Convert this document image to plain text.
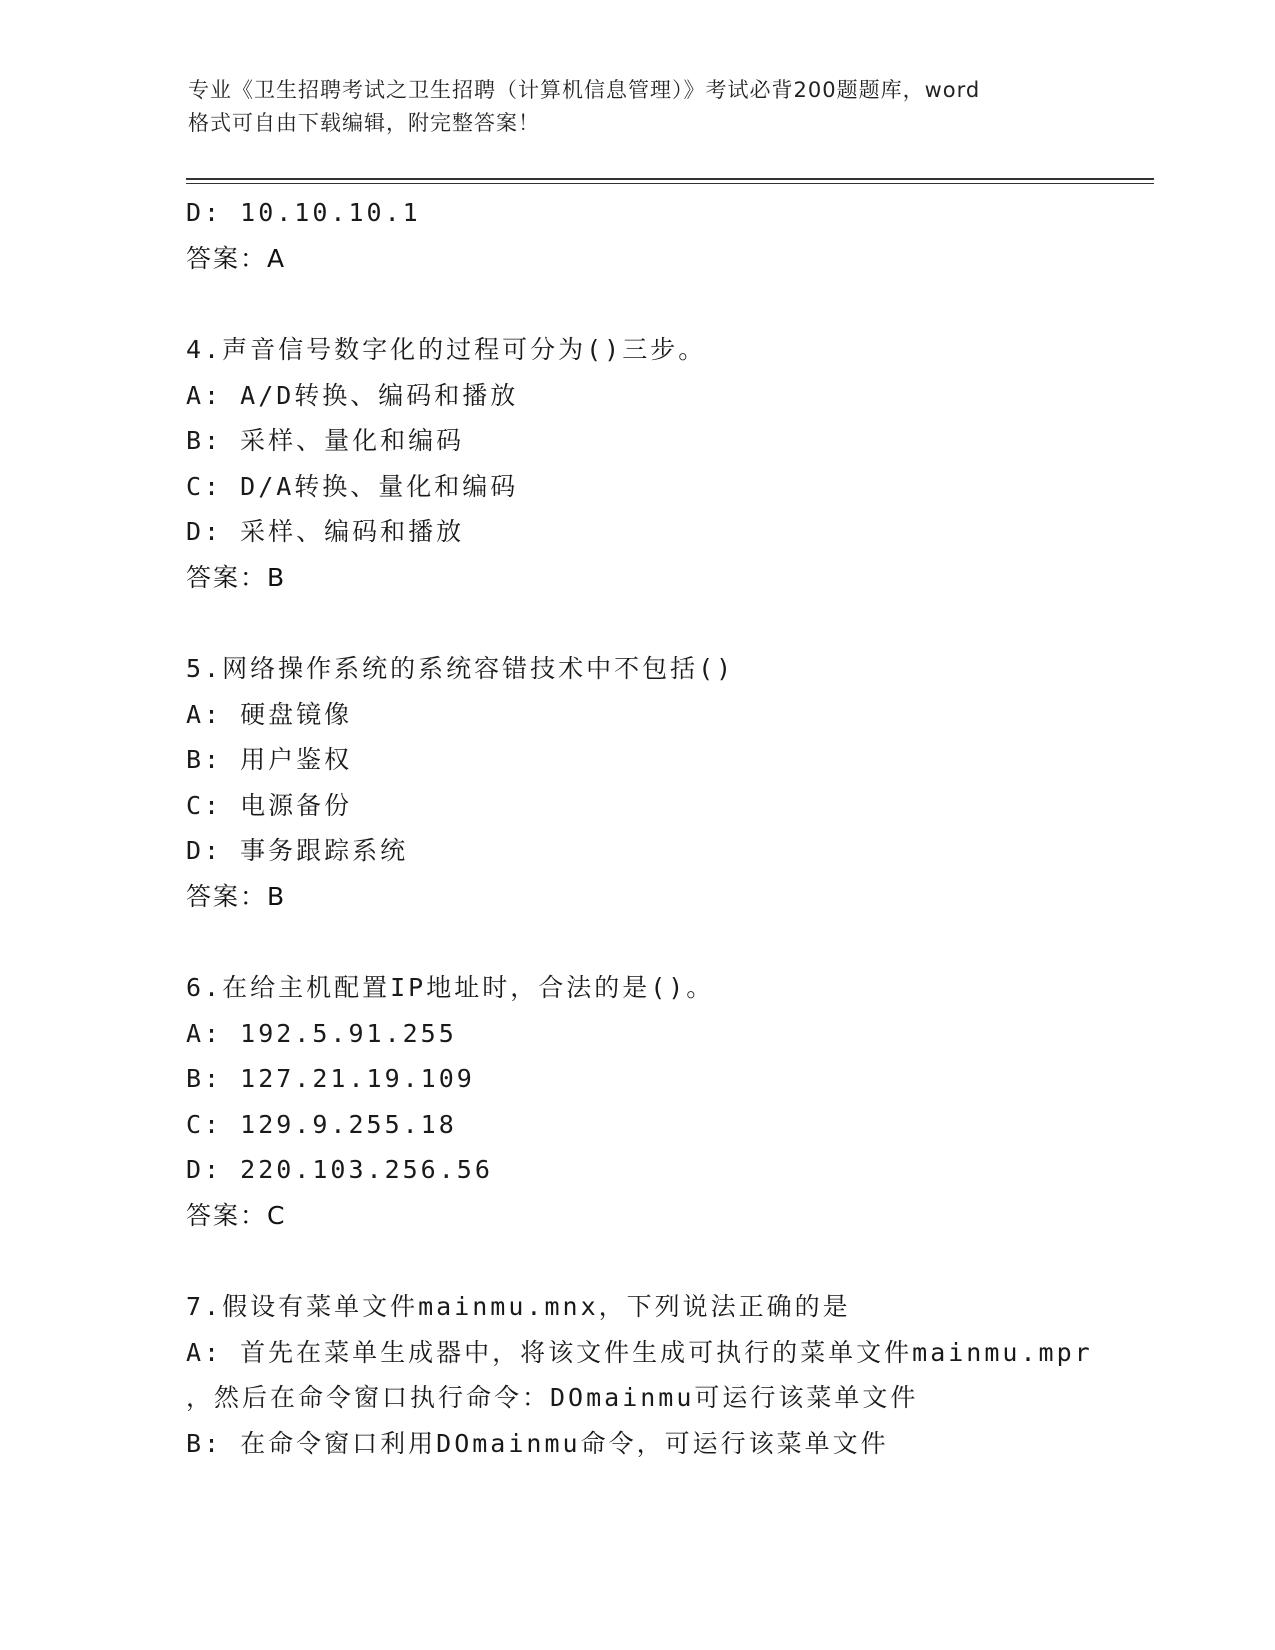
专业《卫生招聘考试之卫生招聘（计算机信息管理）》考试必背200题题库，word
格式可自由下载编辑，附完整答案！
D: 10.10.10.1
答案：A
4.声音信号数字化的过程可分为()三步。
A: A/D转换、编码和播放
B: 采样、量化和编码
C: D/A转换、量化和编码
D: 采样、编码和播放
答案：B
5.网络操作系统的系统容错技术中不包括()
A: 硬盘镜像
B: 用户鉴权
C: 电源备份
D: 事务跟踪系统
答案：B
6.在给主机配置IP地址时，合法的是()。
A: 192.5.91.255
B: 127.21.19.109
C: 129.9.255.18
D: 220.103.256.56
答案：C
7.假设有菜单文件mainmu.mnx，下列说法正确的是
A: 首先在菜单生成器中，将该文件生成可执行的菜单文件mainmu.mpr
，然后在命令窗口执行命令：DOmainmu可运行该菜单文件
B: 在命令窗口利用DOmainmu命令，可运行该菜单文件
